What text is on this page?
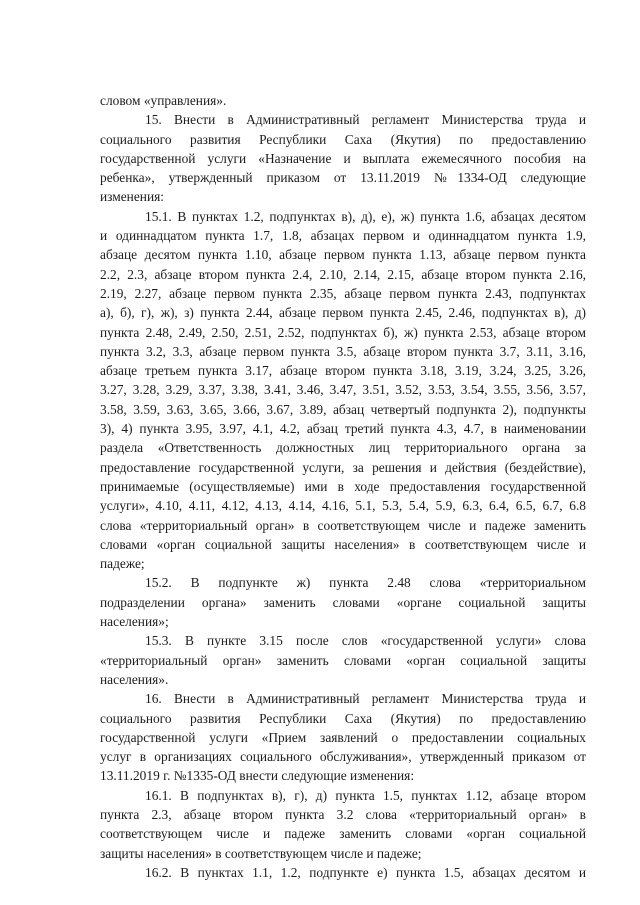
словом «управления».
15. Внести в Административный регламент Министерства труда и
социального развития Республики Саха (Якутия) по предоставлению
государственной услуги «Назначение и выплата ежемесячного пособия на
ребенка», утвержденный приказом от 13.11.2019 №1334-ОД следующие
изменения:
15.1. В пунктах 1.2, подпунктах в), д), е), ж) пункта 1.6, абзацах десятом
и одиннадцатом пункта 1.7, 1.8, абзацах первом и одиннадцатом пункта 1.9,
абзаце десятом пункта 1.10, абзаце первом пункта 1.13, абзаце первом пункта
2.2, 2.3, абзаце втором пункта 2.4, 2.10, 2.14, 2.15, абзаце втором пункта 2.16,
2.19, 2.27, абзаце первом пункта 2.35, абзаце первом пункта 2.43, подпунктах
а), б), г), ж), з) пункта 2.44, абзаце первом пункта 2.45, 2.46, подпунктах в), д)
пункта 2.48, 2.49, 2.50, 2.51, 2.52, подпунктах б), ж) пункта 2.53, абзаце втором
пункта 3.2, 3.3, абзаце первом пункта 3.5, абзаце втором пункта 3.7, 3.11, 3.16,
абзаце третьем пункта 3.17, абзаце втором пункта 3.18, 3.19, 3.24, 3.25, 3.26,
3.27, 3.28, 3.29, 3.37, 3.38, 3.41, 3.46, 3.47, 3.51, 3.52, 3.53, 3.54, 3.55, 3.56, 3.57,
3.58, 3.59, 3.63, 3.65, 3.66, 3.67, 3.89, абзац четвертый подпункта 2), подпункты
3), 4) пункта 3.95, 3.97, 4.1, 4.2, абзац третий пункта 4.3, 4.7, в наименовании
раздела «Ответственность должностных лиц территориального органа за
предоставление государственной услуги, за решения и действия (бездействие),
принимаемые (осуществляемые) ими в ходе предоставления государственной
услуги», 4.10, 4.11, 4.12, 4.13, 4.14, 4.16, 5.1, 5.3, 5.4, 5.9, 6.3, 6.4, 6.5, 6.7, 6.8
слова «территориальный орган» в соответствующем числе и падеже заменить
словами «орган социальной защиты населения» в соответствующем числе и
падеже;
15.2. В подпункте ж) пункта 2.48 слова «территориальном
подразделении органа» заменить словами «органе социальной защиты
населения»;
15.3. В пункте 3.15 после слов «государственной услуги» слова
«территориальный орган» заменить словами «орган социальной защиты
населения».
16. Внести в Административный регламент Министерства труда и
социального развития Республики Саха (Якутия) по предоставлению
государственной услуги «Прием заявлений о предоставлении социальных
услуг в организациях социального обслуживания», утвержденный приказом от
13.11.2019 г. №1335-ОД внести следующие изменения:
16.1. В подпунктах в), г), д) пункта 1.5, пунктах 1.12, абзаце втором
пункта 2.3, абзаце втором пункта 3.2 слова «территориальный орган» в
соответствующем числе и падеже заменить словами «орган социальной
защиты населения» в соответствующем числе и падеже;
16.2. В пунктах 1.1, 1.2, подпункте е) пункта 1.5, абзацах десятом и
